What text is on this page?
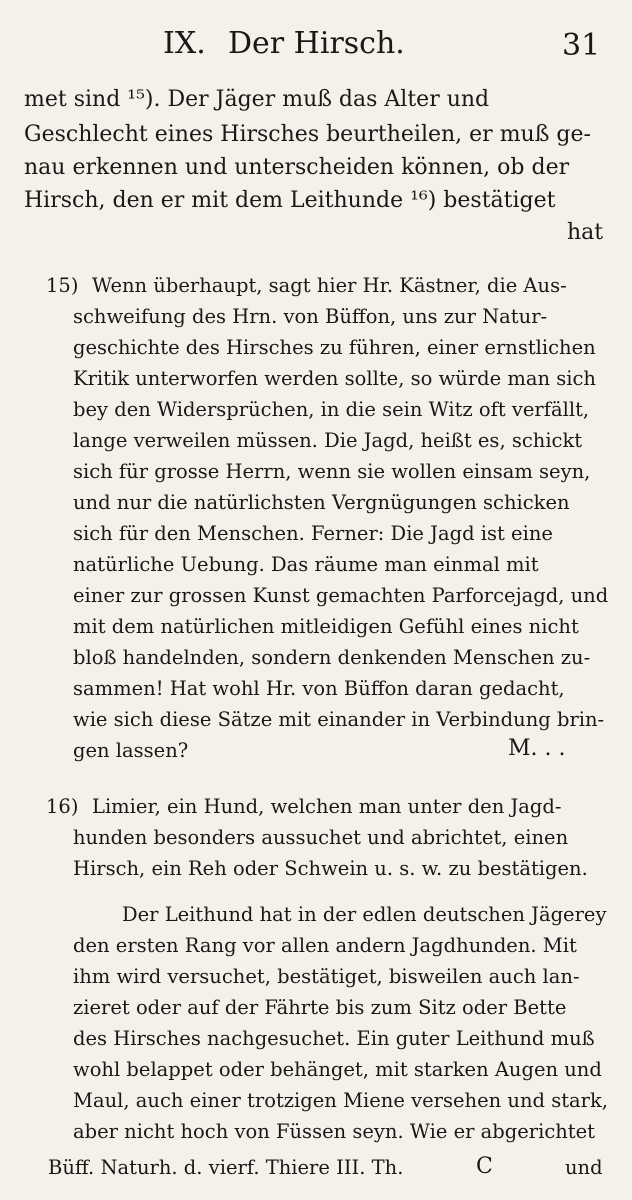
IX. Der Hirsch.	31
met sind ¹⁵). Der Jäger muß das Alter und
Geschlecht eines Hirsches beurtheilen, er muß ge-
nau erkennen und unterscheiden können, ob der
Hirsch, den er mit dem Leithunde ¹⁶) bestätiget
hat
15) Wenn überhaupt, sagt hier Hr. Kästner, die Aus-
schweifung des Hrn. von Büffon, uns zur Natur-
geschichte des Hirsches zu führen, einer ernstlichen
Kritik unterworfen werden sollte, so würde man sich
bey den Widersprüchen, in die sein Witz oft verfällt,
lange verweilen müssen. Die Jagd, heißt es, schickt
sich für grosse Herrn, wenn sie wollen einsam seyn,
und nur die natürlichsten Vergnügungen schicken
sich für den Menschen. Ferner: Die Jagd ist eine
natürliche Uebung. Das räume man einmal mit
einer zur grossen Kunst gemachten Parforcejagd, und
mit dem natürlichen mitleidigen Gefühl eines nicht
bloß handelnden, sondern denkenden Menschen zu-
sammen! Hat wohl Hr. von Büffon daran gedacht,
wie sich diese Sätze mit einander in Verbindung brin-
gen lassen?	M. . .
16) Limier, ein Hund, welchen man unter den Jagd-
hunden besonders aussuchet und abrichtet, einen
Hirsch, ein Reh oder Schwein u. s. w. zu bestätigen.
Der Leithund hat in der edlen deutschen Jägerey
den ersten Rang vor allen andern Jagdhunden. Mit
ihm wird versuchet, bestätiget, bisweilen auch lan-
zieret oder auf der Fährte bis zum Sitz oder Bette
des Hirsches nachgesuchet. Ein guter Leithund muß
wohl belappet oder behänget, mit starken Augen und
Maul, auch einer trotzigen Miene versehen und stark,
aber nicht hoch von Füssen seyn. Wie er abgerichtet
Büff. Naturh. d. vierf. Thiere III. Th.	C	und
